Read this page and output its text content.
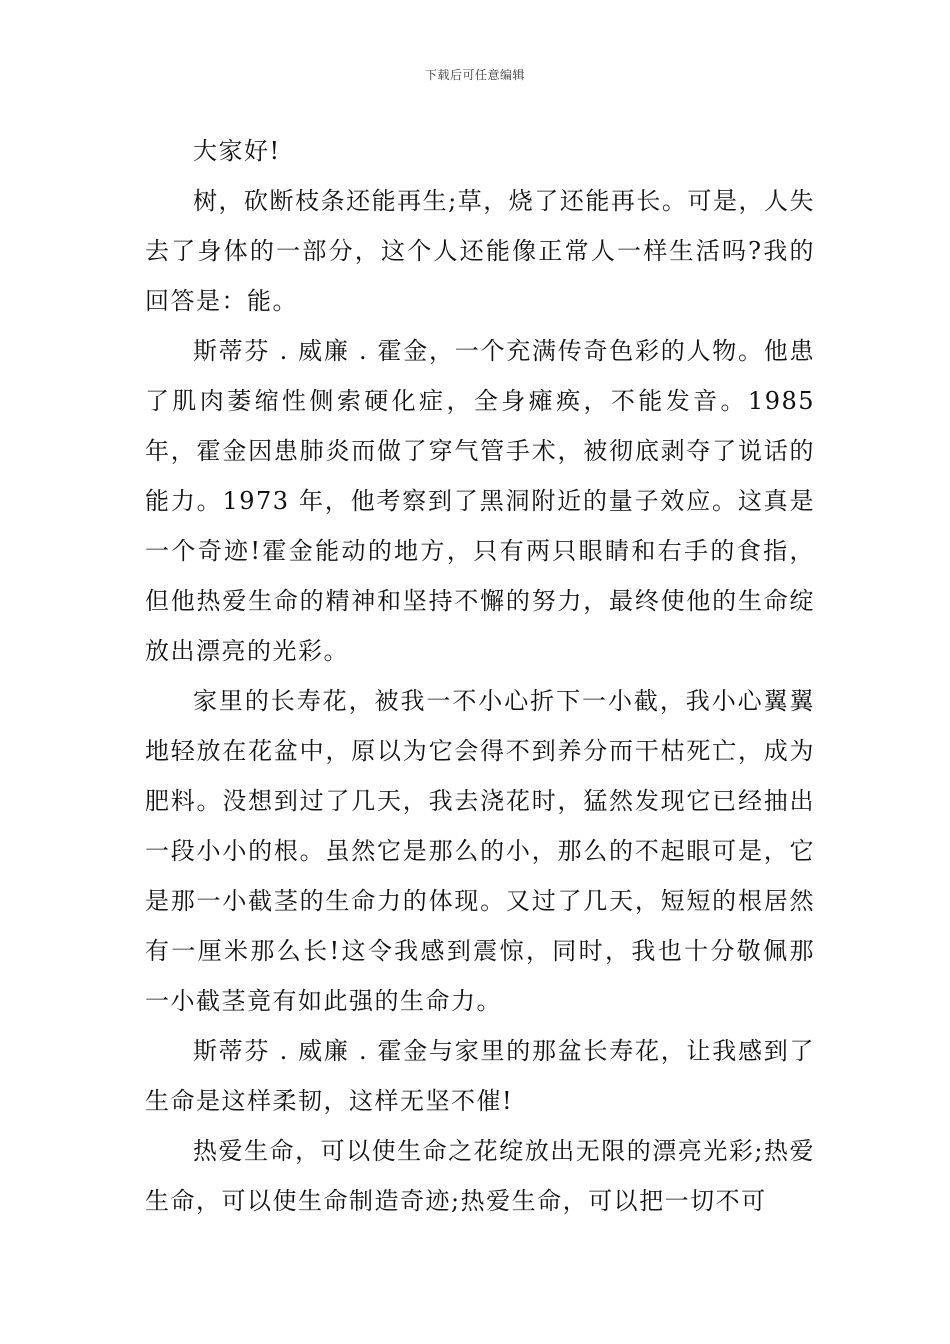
下载后可任意编辑

大家好!

树，砍断枝条还能再生;草，烧了还能再长。可是，人失去了身体的一部分，这个人还能像正常人一样生活吗?我的回答是：能。

斯蒂芬 . 威廉 . 霍金，一个充满传奇色彩的人物。他患了肌肉萎缩性侧索硬化症，全身瘫痪，不能发音。1985 年，霍金因患肺炎而做了穿气管手术，被彻底剥夺了说话的能力。1973 年，他考察到了黑洞附近的量子效应。这真是一个奇迹!霍金能动的地方，只有两只眼睛和右手的食指，但他热爱生命的精神和坚持不懈的努力，最终使他的生命绽放出漂亮的光彩。

家里的长寿花，被我一不小心折下一小截，我小心翼翼地轻放在花盆中，原以为它会得不到养分而干枯死亡，成为肥料。没想到过了几天，我去浇花时，猛然发现它已经抽出一段小小的根。虽然它是那么的小，那么的不起眼可是，它是那一小截茎的生命力的体现。又过了几天，短短的根居然有一厘米那么长!这令我感到震惊，同时，我也十分敬佩那一小截茎竟有如此强的生命力。

斯蒂芬 . 威廉 . 霍金与家里的那盆长寿花，让我感到了生命是这样柔韧，这样无坚不催!

热爱生命，可以使生命之花绽放出无限的漂亮光彩;热爱生命，可以使生命制造奇迹;热爱生命，可以把一切不可
